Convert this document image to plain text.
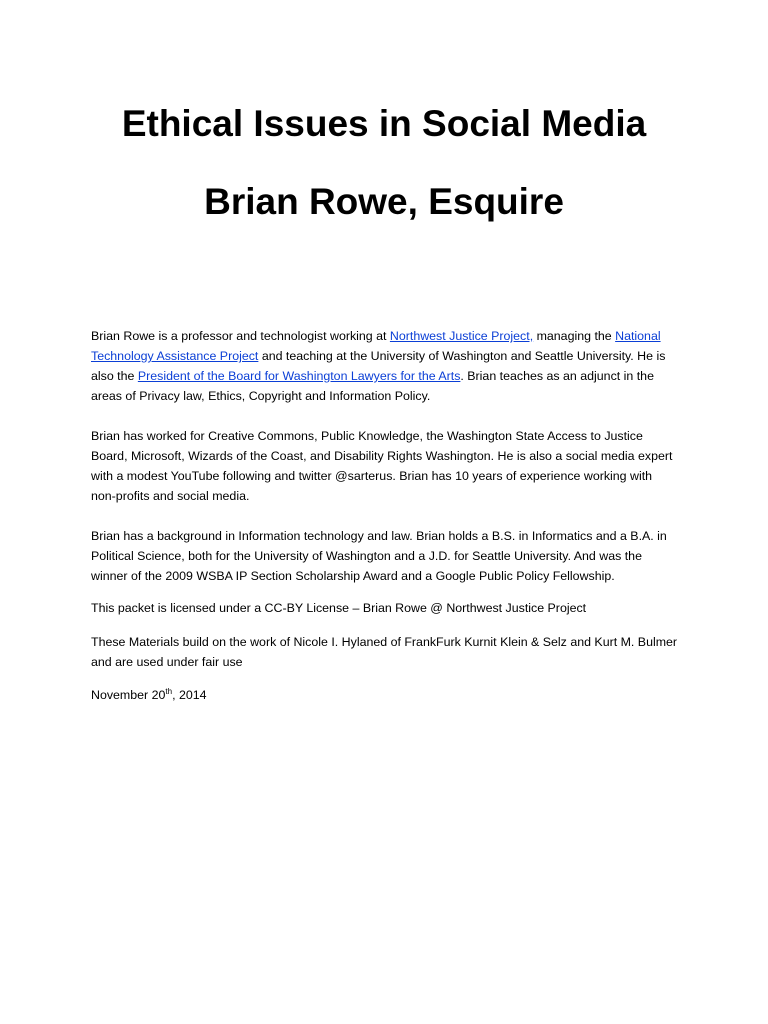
Ethical Issues in Social Media
Brian Rowe, Esquire

Brian Rowe is a professor and technologist working at Northwest Justice Project, managing the National Technology Assistance Project and teaching at the University of Washington and Seattle University. He is also the President of the Board for Washington Lawyers for the Arts. Brian teaches as an adjunct in the areas of Privacy law, Ethics, Copyright and Information Policy.

Brian has worked for Creative Commons, Public Knowledge, the Washington State Access to Justice Board, Microsoft, Wizards of the Coast, and Disability Rights Washington. He is also a social media expert with a modest YouTube following and twitter @sarterus. Brian has 10 years of experience working with non-profits and social media.

Brian has a background in Information technology and law. Brian holds a B.S. in Informatics and a B.A. in Political Science, both for the University of Washington and a J.D. for Seattle University. And was the winner of the 2009 WSBA IP Section Scholarship Award and a Google Public Policy Fellowship.

This packet is licensed under a CC-BY License – Brian Rowe @ Northwest Justice Project

These Materials build on the work of Nicole I. Hylaned of FrankFurk Kurnit Klein & Selz and Kurt M. Bulmer and are used under fair use

November 20th, 2014
